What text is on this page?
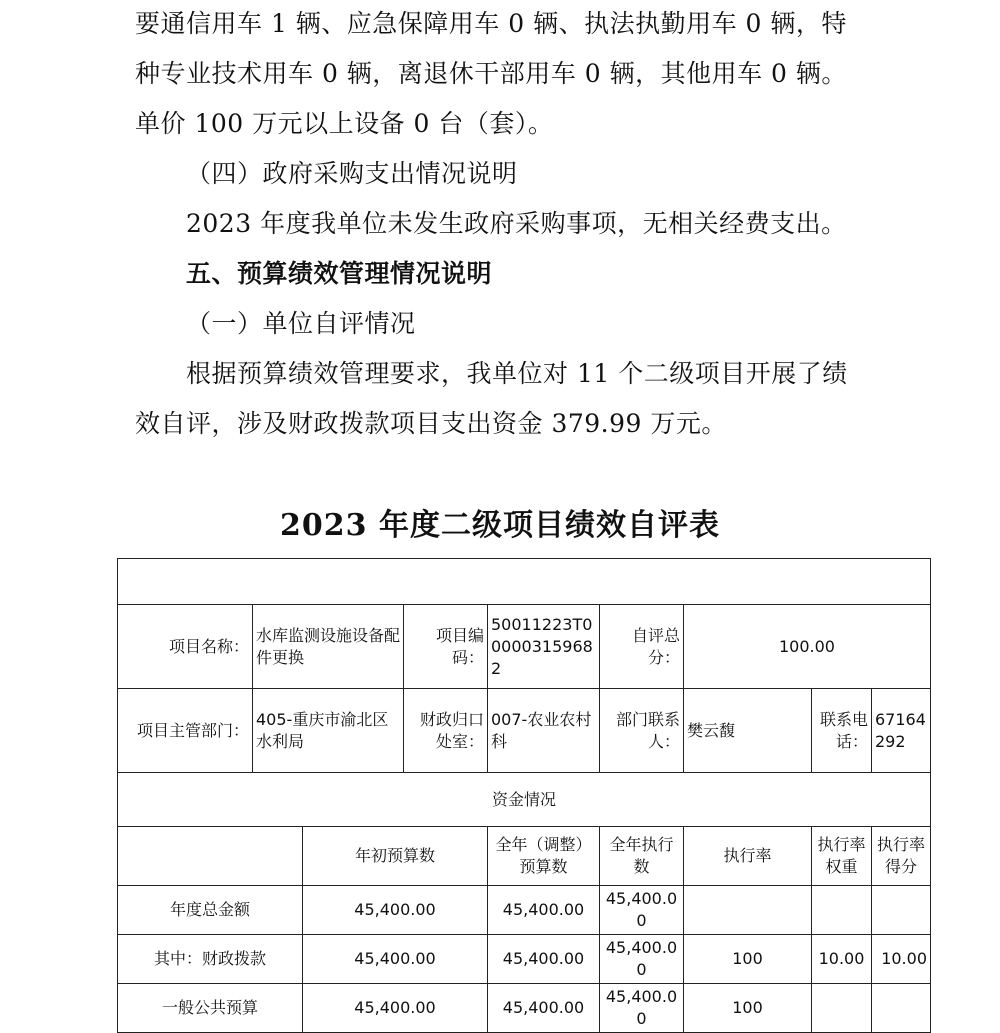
要通信用车 1 辆、应急保障用车 0 辆、执法执勤用车 0 辆，特
种专业技术用车 0 辆，离退休干部用车 0 辆，其他用车 0 辆。
单价 100 万元以上设备 0 台（套）。
（四）政府采购支出情况说明
2023 年度我单位未发生政府采购事项，无相关经费支出。
五、预算绩效管理情况说明
（一）单位自评情况
根据预算绩效管理要求，我单位对 11 个二级项目开展了绩
效自评，涉及财政拨款项目支出资金 379.99 万元。
2023 年度二级项目绩效自评表

项目名称：	水库监测设施设备配件更换		项目编码：	50011223T000003159682	自评总分：	100.00		
项目主管部门：	405-重庆市渝北区水利局		财政归口处室：	007-农业农村科	部门联系人：	樊云馥	联系电话：	67164292
资金情况								
		年初预算数		全年（调整）预算数	全年执行数	执行率	执行率权重	执行率得分
年度总金额		45,400.00		45,400.00	45,400.00			
其中：财政拨款		45,400.00		45,400.00	45,400.00	100	10.00	10.00
一般公共预算		45,400.00		45,400.00	45,400.00	100		
